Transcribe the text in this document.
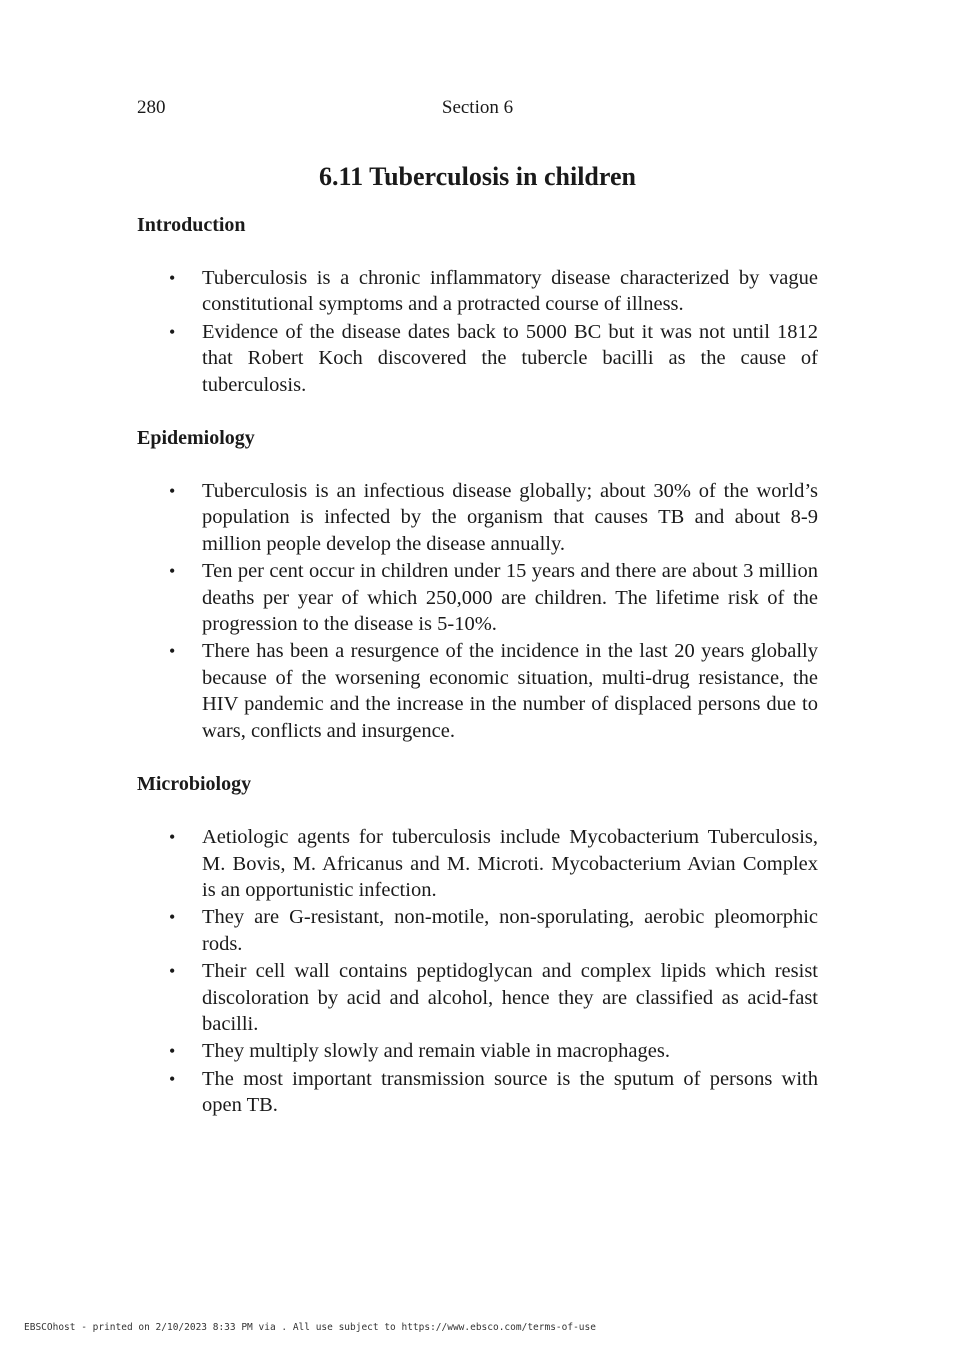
280	Section 6
6.11 Tuberculosis in children
Introduction
• Tuberculosis is a chronic inflammatory disease characterized by vague constitutional symptoms and a protracted course of illness.
• Evidence of the disease dates back to 5000 BC but it was not until 1812 that Robert Koch discovered the tubercle bacilli as the cause of tuberculosis.
Epidemiology
• Tuberculosis is an infectious disease globally; about 30% of the world’s population is infected by the organism that causes TB and about 8-9 million people develop the disease annually.
• Ten per cent occur in children under 15 years and there are about 3 million deaths per year of which 250,000 are children. The lifetime risk of the progression to the disease is 5-10%.
• There has been a resurgence of the incidence in the last 20 years globally because of the worsening economic situation, multi-drug resistance, the HIV pandemic and the increase in the number of displaced persons due to wars, conflicts and insurgence.
Microbiology
• Aetiologic agents for tuberculosis include Mycobacterium Tuberculosis, M. Bovis, M. Africanus and M. Microti. Mycobacterium Avian Complex is an opportunistic infection.
• They are G-resistant, non-motile, non-sporulating, aerobic pleomorphic rods.
• Their cell wall contains peptidoglycan and complex lipids which resist discoloration by acid and alcohol, hence they are classified as acid-fast bacilli.
• They multiply slowly and remain viable in macrophages.
• The most important transmission source is the sputum of persons with open TB.
EBSCOhost - printed on 2/10/2023 8:33 PM via . All use subject to https://www.ebsco.com/terms-of-use
